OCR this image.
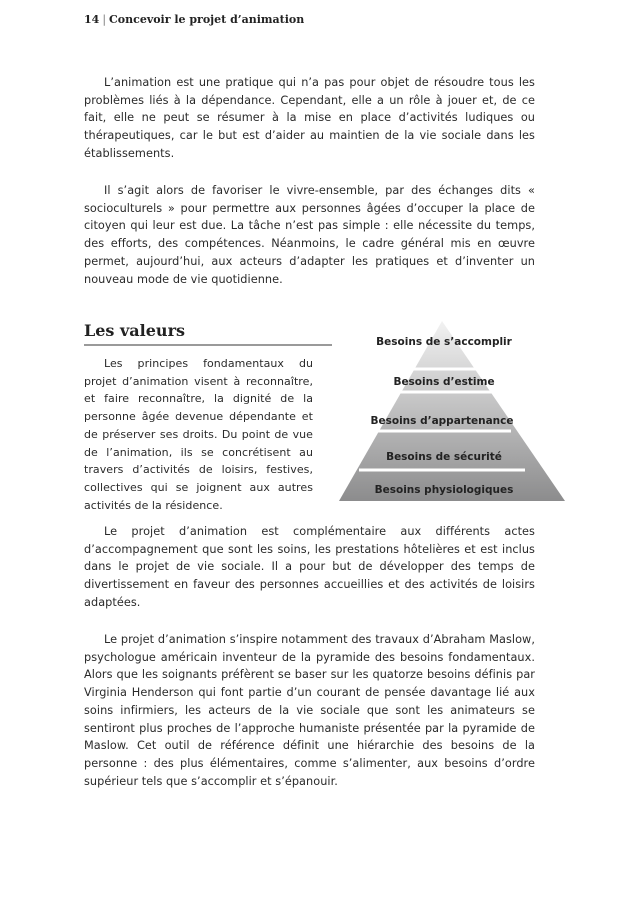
14 | Concevoir le projet d’animation

L’animation est une pratique qui n’a pas pour objet de résoudre tous les problèmes liés à la dépendance. Cependant, elle a un rôle à jouer et, de ce fait, elle ne peut se résumer à la mise en place d’activités ludiques ou thérapeutiques, car le but est d’aider au maintien de la vie sociale dans les établissements.

Il s’agit alors de favoriser le vivre-ensemble, par des échanges dits « socioculturels » pour permettre aux personnes âgées d’occuper la place de citoyen qui leur est due. La tâche n’est pas simple : elle nécessite du temps, des efforts, des compétences. Néanmoins, le cadre général mis en œuvre permet, aujourd’hui, aux acteurs d’adapter les pratiques et d’inventer un nouveau mode de vie quotidienne.

Les valeurs

Les principes fondamentaux du projet d’animation visent à reconnaître, et faire reconnaître, la dignité de la personne âgée devenue dépendante et de préserver ses droits. Du point de vue de l’animation, ils se concrétisent au travers d’activités de loisirs, festives, collectives qui se joignent aux autres activités de la résidence.

Besoins de s’accomplir
Besoins d’estime
Besoins d’appartenance
Besoins de sécurité
Besoins physiologiques

Le projet d’animation est complémentaire aux différents actes d’accompagnement que sont les soins, les prestations hôtelières et est inclus dans le projet de vie sociale. Il a pour but de développer des temps de divertissement en faveur des personnes accueillies et des activités de loisirs adaptées.

Le projet d’animation s’inspire notamment des travaux d’Abraham Maslow, psychologue américain inventeur de la pyramide des besoins fondamentaux. Alors que les soignants préfèrent se baser sur les quatorze besoins définis par Virginia Henderson qui font partie d’un courant de pensée davantage lié aux soins infirmiers, les acteurs de la vie sociale que sont les animateurs se sentiront plus proches de l’approche humaniste présentée par la pyramide de Maslow. Cet outil de référence définit une hiérarchie des besoins de la personne : des plus élémentaires, comme s’alimenter, aux besoins d’ordre supérieur tels que s’accomplir et s’épanouir.
